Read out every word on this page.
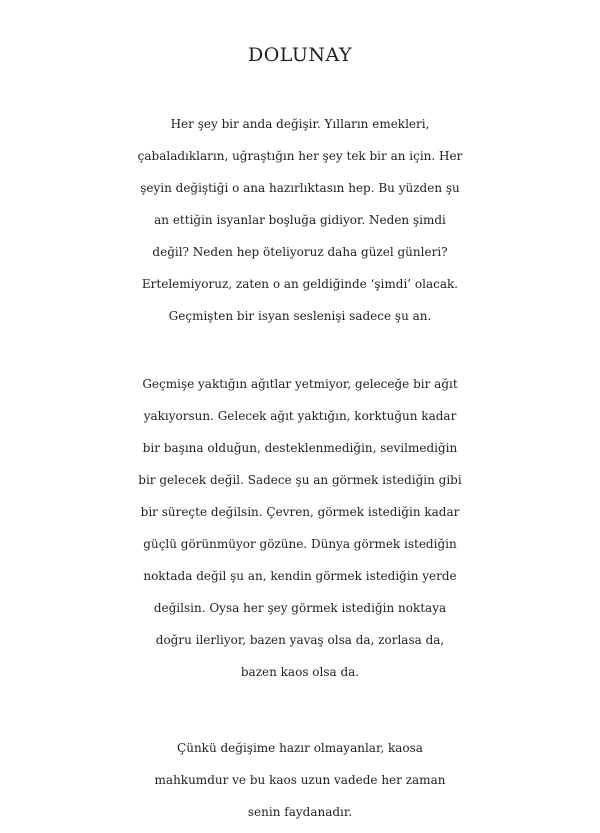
DOLUNAY
Her şey bir anda değişir. Yılların emekleri,
çabaladıkların, uğraştığın her şey tek bir an için. Her
şeyin değiştiği o ana hazırlıktasın hep. Bu yüzden şu
an ettiğin isyanlar boşluğa gidiyor. Neden şimdi
değil? Neden hep öteliyoruz daha güzel günleri?
Ertelemiyoruz, zaten o an geldiğinde ‘şimdi’ olacak.
Geçmişten bir isyan seslenişi sadece şu an.
Geçmişe yaktığın ağıtlar yetmiyor, geleceğe bir ağıt
yakıyorsun. Gelecek ağıt yaktığın, korktuğun kadar
bir başına olduğun, desteklenmediğin, sevilmediğin
bir gelecek değil. Sadece şu an görmek istediğin gibi
bir süreçte değilsin. Çevren, görmek istediğin kadar
güçlü görünmüyor gözüne. Dünya görmek istediğin
noktada değil şu an, kendin görmek istediğin yerde
değilsin. Oysa her şey görmek istediğin noktaya
doğru ilerliyor, bazen yavaş olsa da, zorlasa da,
bazen kaos olsa da.
Çünkü değişime hazır olmayanlar, kaosa
mahkumdur ve bu kaos uzun vadede her zaman
senin faydanadır.
